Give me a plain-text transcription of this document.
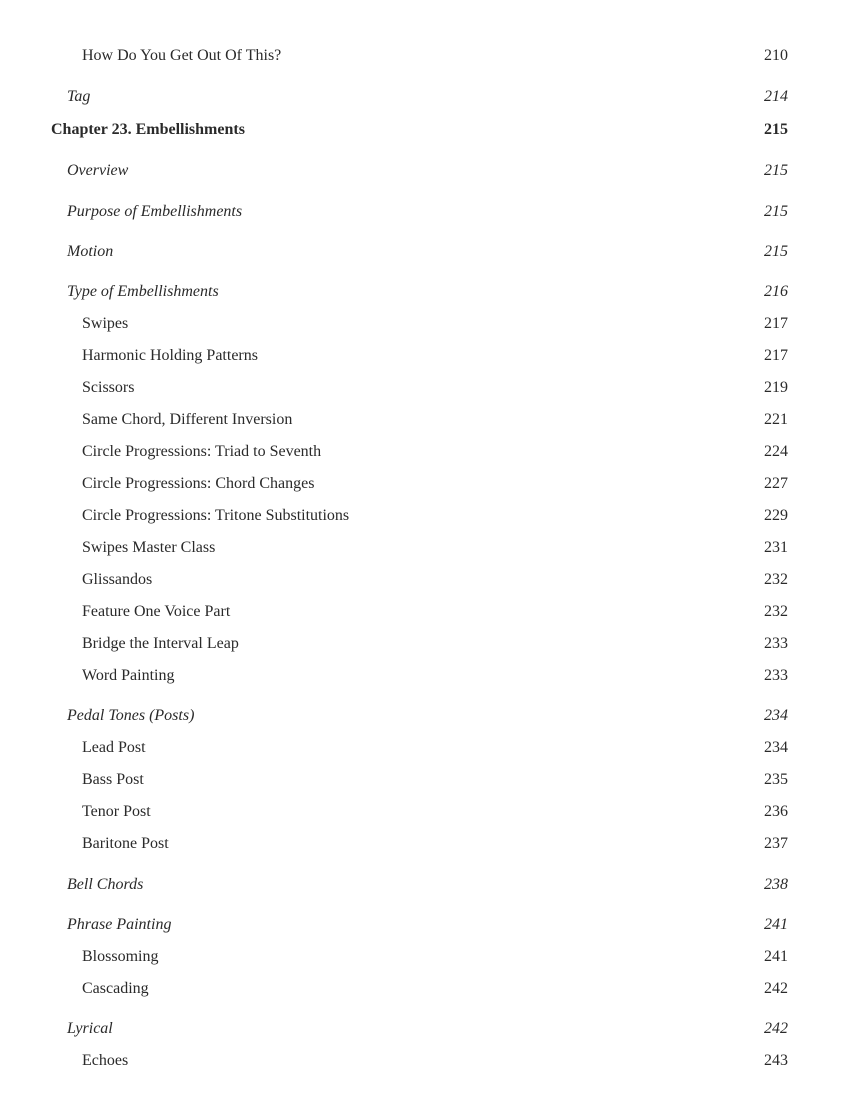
How Do You Get Out Of This?	210
Tag	214
Chapter 23. Embellishments	215
Overview	215
Purpose of Embellishments	215
Motion	215
Type of Embellishments	216
Swipes	217
Harmonic Holding Patterns	217
Scissors	219
Same Chord, Different Inversion	221
Circle Progressions: Triad to Seventh	224
Circle Progressions: Chord Changes	227
Circle Progressions: Tritone Substitutions	229
Swipes Master Class	231
Glissandos	232
Feature One Voice Part	232
Bridge the Interval Leap	233
Word Painting	233
Pedal Tones (Posts)	234
Lead Post	234
Bass Post	235
Tenor Post	236
Baritone Post	237
Bell Chords	238
Phrase Painting	241
Blossoming	241
Cascading	242
Lyrical	242
Echoes	243
